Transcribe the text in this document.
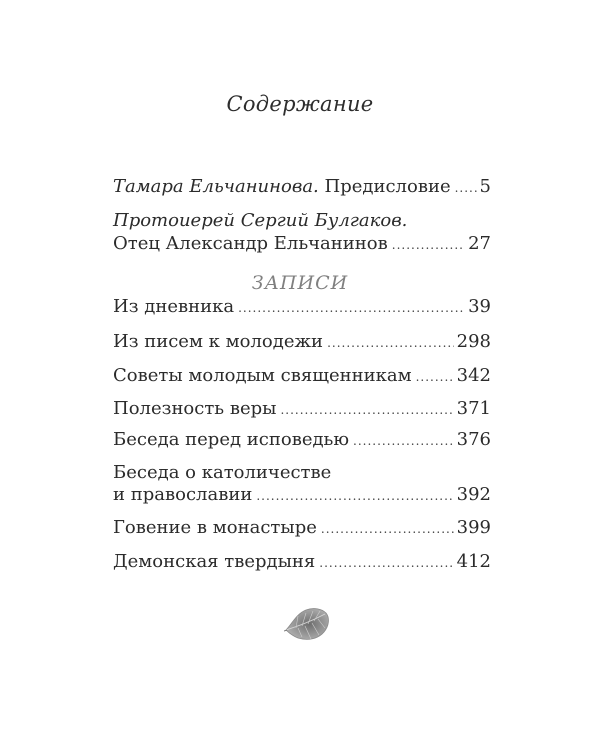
Содержание
Тамара Ельчанинова. Предисловие ..... 5
Протоиерей Сергий Булгаков.
Отец Александр Ельчанинов .....	27
ЗАПИСИ
Из дневника .....	39
Из писем к молодежи .....	298
Советы молодым священникам .....	342
Полезность веры .....	371
Беседа перед исповедью .....	376
Беседа о католичестве
и православии .....	392
Говение в монастыре .....	399
Демонская твердыня .....	412
